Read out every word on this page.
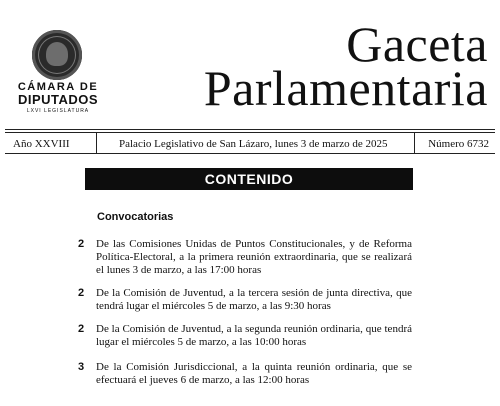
CÁMARA DE
DIPUTADOS
LXVI LEGISLATURA
Gaceta
Parlamentaria
Año XXVIII	Palacio Legislativo de San Lázaro, lunes 3 de marzo de 2025	Número 6732
CONTENIDO
Convocatorias
2 De las Comisiones Unidas de Puntos Constitucionales, y de Reforma Política-Electoral, a la primera reunión extraordinaria, que se realizará el lunes 3 de marzo, a las 17:00 horas
2 De la Comisión de Juventud, a la tercera sesión de junta directiva, que tendrá lugar el miércoles 5 de marzo, a las 9:30 horas
2 De la Comisión de Juventud, a la segunda reunión ordinaria, que tendrá lugar el miércoles 5 de marzo, a las 10:00 horas
3 De la Comisión Jurisdiccional, a la quinta reunión ordinaria, que se efectuará el jueves 6 de marzo, a las 12:00 horas
